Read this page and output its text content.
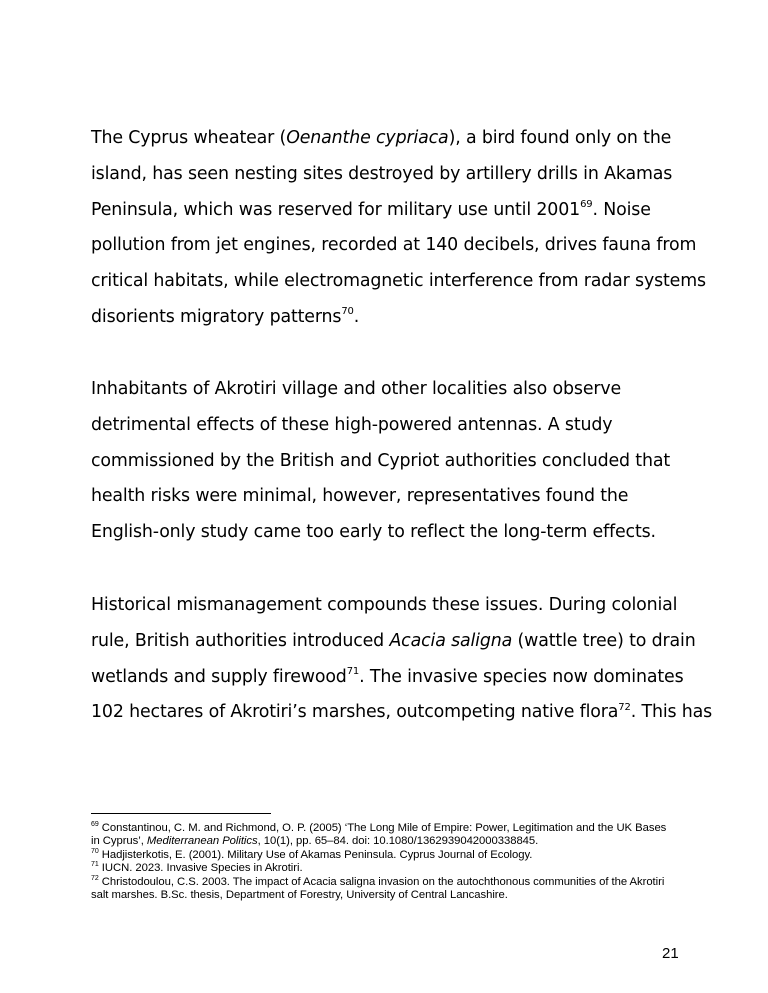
The Cyprus wheatear (Oenanthe cypriaca), a bird found only on the
island, has seen nesting sites destroyed by artillery drills in Akamas
Peninsula, which was reserved for military use until 2001$^{69}$. Noise
pollution from jet engines, recorded at 140 decibels, drives fauna from
critical habitats, while electromagnetic interference from radar systems
disorients migratory patterns$^{70}$.

Inhabitants of Akrotiri village and other localities also observe
detrimental effects of these high-powered antennas. A study
commissioned by the British and Cypriot authorities concluded that
health risks were minimal, however, representatives found the
English-only study came too early to reflect the long-term effects.

Historical mismanagement compounds these issues. During colonial
rule, British authorities introduced Acacia saligna (wattle tree) to drain
wetlands and supply firewood$^{71}$. The invasive species now dominates
102 hectares of Akrotiri’s marshes, outcompeting native flora$^{72}$. This has

$^{69}$ Constantinou, C. M. and Richmond, O. P. (2005) ‘The Long Mile of Empire: Power, Legitimation and the UK Bases
in Cyprus’, Mediterranean Politics, 10(1), pp. 65–84. doi: 10.1080/1362939042000338845.
$^{70}$ Hadjisterkotis, E. (2001). Military Use of Akamas Peninsula. Cyprus Journal of Ecology.
$^{71}$ IUCN. 2023. Invasive Species in Akrotiri.
$^{72}$ Christodoulou, C.S. 2003. The impact of Acacia saligna invasion on the autochthonous communities of the Akrotiri
salt marshes. B.Sc. thesis, Department of Forestry, University of Central Lancashire.
21
